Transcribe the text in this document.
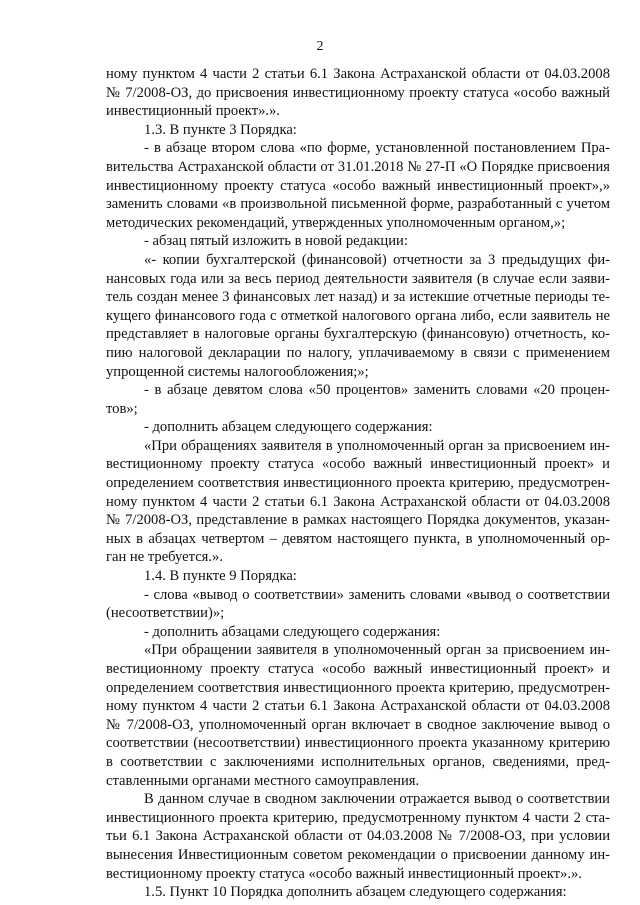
2
ному пунктом 4 части 2 статьи 6.1 Закона Астраханской области от 04.03.2008
№ 7/2008-ОЗ, до присвоения инвестиционному проекту статуса «особо важный
инвестиционный проект».».
1.3. В пункте 3 Порядка:
- в абзаце втором слова «по форме, установленной постановлением Пра-
вительства Астраханской области от 31.01.2018 № 27-П «О Порядке присвоения
инвестиционному проекту статуса «особо важный инвестиционный проект»,»
заменить словами «в произвольной письменной форме, разработанный с учетом
методических рекомендаций, утвержденных уполномоченным органом,»;
- абзац пятый изложить в новой редакции:
«- копии бухгалтерской (финансовой) отчетности за 3 предыдущих фи-
нансовых года или за весь период деятельности заявителя (в случае если заяви-
тель создан менее 3 финансовых лет назад) и за истекшие отчетные периоды те-
кущего финансового года с отметкой налогового органа либо, если заявитель не
представляет в налоговые органы бухгалтерскую (финансовую) отчетность, ко-
пию налоговой декларации по налогу, уплачиваемому в связи с применением
упрощенной системы налогообложения;»;
- в абзаце девятом слова «50 процентов» заменить словами «20 процен-
тов»;
- дополнить абзацем следующего содержания:
«При обращениях заявителя в уполномоченный орган за присвоением ин-
вестиционному проекту статуса «особо важный инвестиционный проект» и
определением соответствия инвестиционного проекта критерию, предусмотрен-
ному пунктом 4 части 2 статьи 6.1 Закона Астраханской области от 04.03.2008
№ 7/2008-ОЗ, представление в рамках настоящего Порядка документов, указан-
ных в абзацах четвертом – девятом настоящего пункта, в уполномоченный ор-
ган не требуется.».
1.4. В пункте 9 Порядка:
- слова «вывод о соответствии» заменить словами «вывод о соответствии
(несоответствии)»;
- дополнить абзацами следующего содержания:
«При обращении заявителя в уполномоченный орган за присвоением ин-
вестиционному проекту статуса «особо важный инвестиционный проект» и
определением соответствия инвестиционного проекта критерию, предусмотрен-
ному пунктом 4 части 2 статьи 6.1 Закона Астраханской области от 04.03.2008
№ 7/2008-ОЗ, уполномоченный орган включает в сводное заключение вывод о
соответствии (несоответствии) инвестиционного проекта указанному критерию
в соответствии с заключениями исполнительных органов, сведениями, пред-
ставленными органами местного самоуправления.
В данном случае в сводном заключении отражается вывод о соответствии
инвестиционного проекта критерию, предусмотренному пунктом 4 части 2 ста-
тьи 6.1 Закона Астраханской области от 04.03.2008 № 7/2008-ОЗ, при условии
вынесения Инвестиционным советом рекомендации о присвоении данному ин-
вестиционному проекту статуса «особо важный инвестиционный проект».».
1.5. Пункт 10 Порядка дополнить абзацем следующего содержания:
